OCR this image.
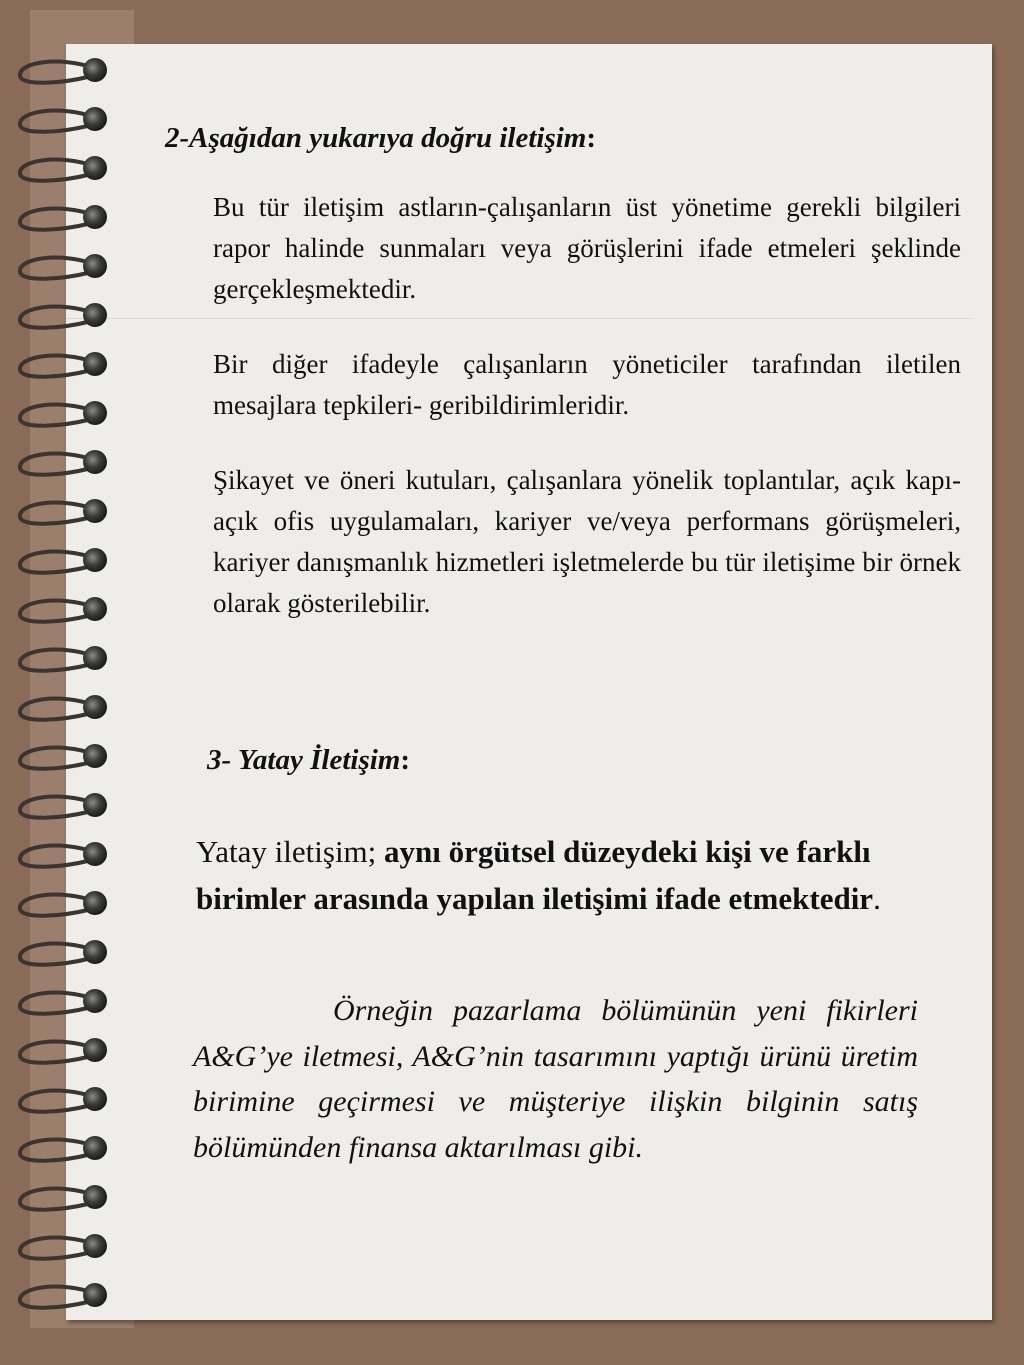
2-Aşağıdan yukarıya doğru iletişim:

Bu tür iletişim astların-çalışanların üst yönetime gerekli bilgileri rapor halinde sunmaları veya görüşlerini ifade etmeleri şeklinde gerçekleşmektedir.

Bir diğer ifadeyle çalışanların yöneticiler tarafından iletilen mesajlara tepkileri- geribildirimleridir.

Şikayet ve öneri kutuları, çalışanlara yönelik toplantılar, açık kapı- açık ofis uygulamaları, kariyer ve/veya performans görüşmeleri, kariyer danışmanlık hizmetleri işletmelerde bu tür iletişime bir örnek olarak gösterilebilir.

3- Yatay İletişim:

Yatay iletişim; aynı örgütsel düzeydeki kişi ve farklı birimler arasında yapılan iletişimi ifade etmektedir.

Örneğin pazarlama bölümünün yeni fikirleri A&G’ye iletmesi, A&G’nin tasarımını yaptığı ürünü üretim birimine geçirmesi ve müşteriye ilişkin bilginin satış bölümünden finansa aktarılması gibi.
